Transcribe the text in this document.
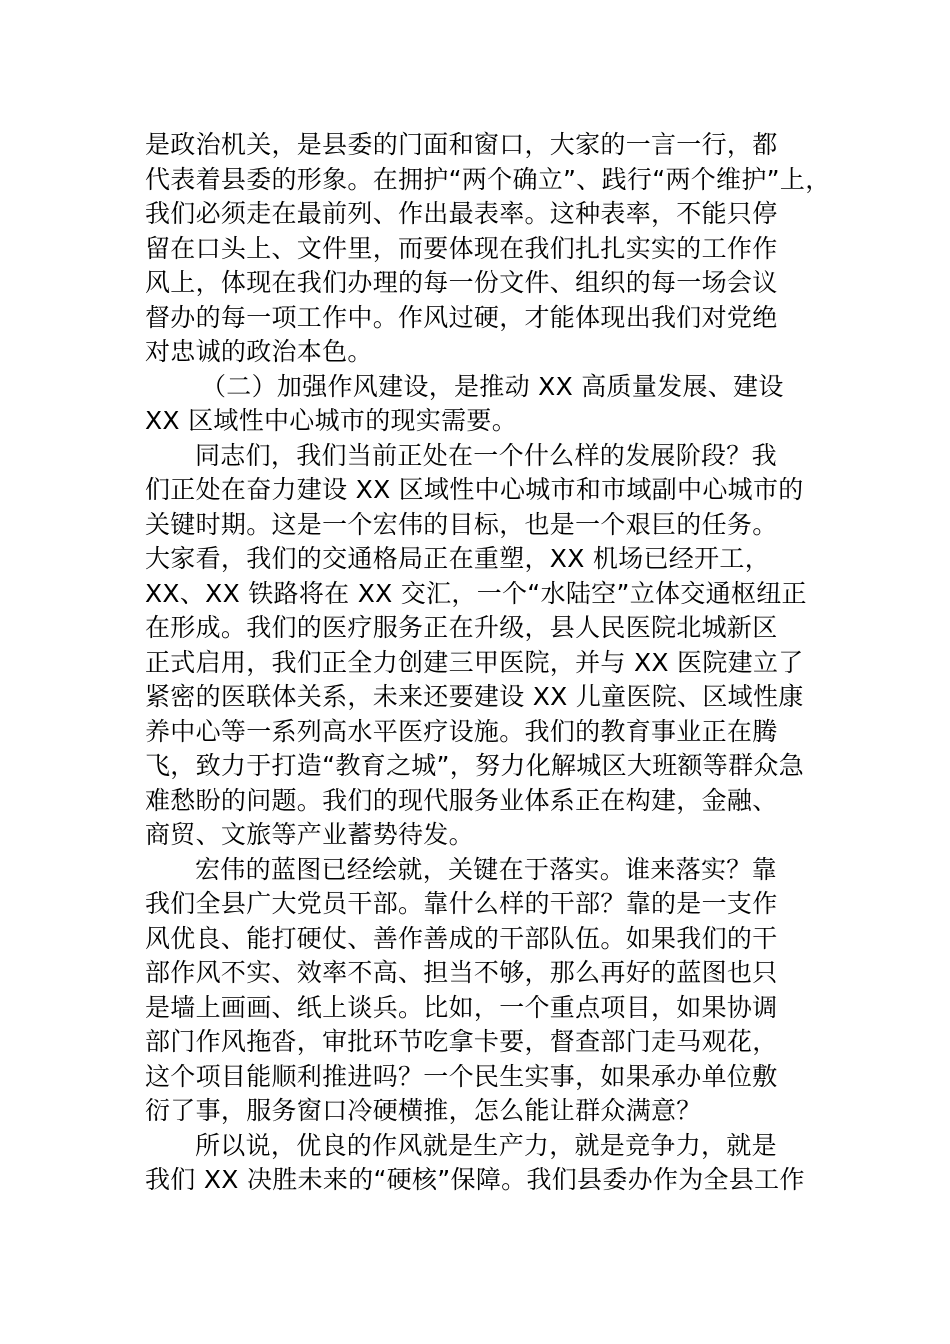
是政治机关，是县委的门面和窗口，大家的一言一行，都
代表着县委的形象。在拥护“两个确立”、践行“两个维护”上，
我们必须走在最前列、作出最表率。这种表率，不能只停
留在口头上、文件里，而要体现在我们扎扎实实的工作作
风上，体现在我们办理的每一份文件、组织的每一场会议
督办的每一项工作中。作风过硬，才能体现出我们对党绝
对忠诚的政治本色。
（二）加强作风建设，是推动 XX 高质量发展、建设
XX 区域性中心城市的现实需要。
同志们，我们当前正处在一个什么样的发展阶段？我
们正处在奋力建设 XX 区域性中心城市和市域副中心城市的
关键时期。这是一个宏伟的目标，也是一个艰巨的任务。
大家看，我们的交通格局正在重塑，XX 机场已经开工，
XX、XX 铁路将在 XX 交汇，一个“水陆空”立体交通枢纽正
在形成。我们的医疗服务正在升级，县人民医院北城新区
正式启用，我们正全力创建三甲医院，并与 XX 医院建立了
紧密的医联体关系，未来还要建设 XX 儿童医院、区域性康
养中心等一系列高水平医疗设施。我们的教育事业正在腾
飞，致力于打造“教育之城”，努力化解城区大班额等群众急
难愁盼的问题。我们的现代服务业体系正在构建，金融、
商贸、文旅等产业蓄势待发。
宏伟的蓝图已经绘就，关键在于落实。谁来落实？靠
我们全县广大党员干部。靠什么样的干部？靠的是一支作
风优良、能打硬仗、善作善成的干部队伍。如果我们的干
部作风不实、效率不高、担当不够，那么再好的蓝图也只
是墙上画画、纸上谈兵。比如，一个重点项目，如果协调
部门作风拖沓，审批环节吃拿卡要，督查部门走马观花，
这个项目能顺利推进吗？一个民生实事，如果承办单位敷
衍了事，服务窗口冷硬横推，怎么能让群众满意？
所以说，优良的作风就是生产力，就是竞争力，就是
我们 XX 决胜未来的“硬核”保障。我们县委办作为全县工作
